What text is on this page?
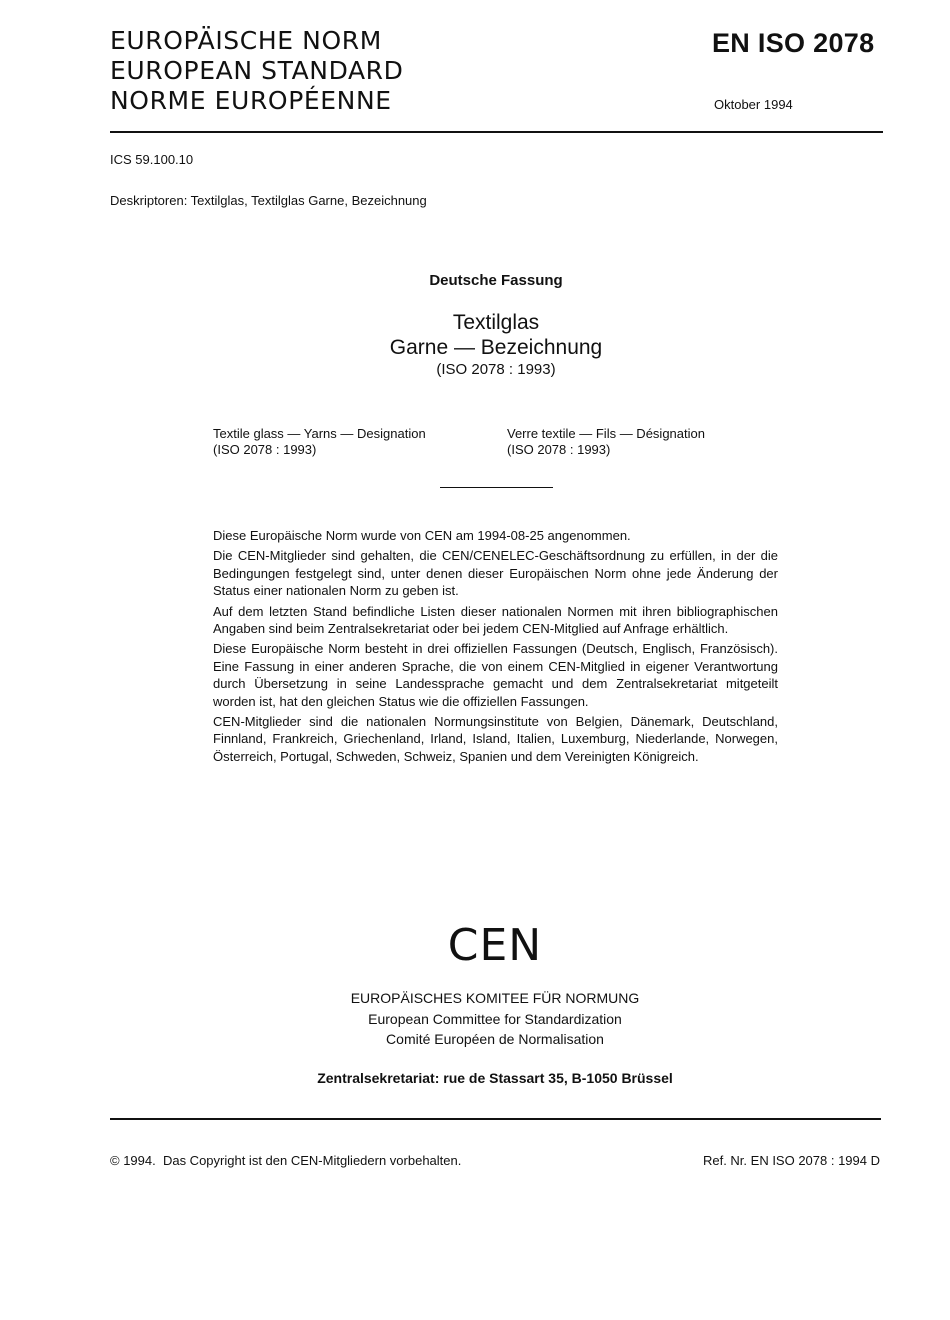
EUROPÄISCHE NORM
EUROPEAN STANDARD
NORME EUROPÉENNE
EN ISO 2078
Oktober 1994
ICS 59.100.10
Deskriptoren: Textilglas, Textilglas Garne, Bezeichnung
Deutsche Fassung
Textilglas
Garne — Bezeichnung
(ISO 2078 : 1993)
Textile glass — Yarns — Designation
(ISO 2078 : 1993)
Verre textile — Fils — Désignation
(ISO 2078 : 1993)

Diese Europäische Norm wurde von CEN am 1994-08-25 angenommen.

Die CEN-Mitglieder sind gehalten, die CEN/CENELEC-Geschäftsordnung zu erfüllen, in der die Bedingungen festgelegt sind, unter denen dieser Europäischen Norm ohne jede Änderung der Status einer nationalen Norm zu geben ist.

Auf dem letzten Stand befindliche Listen dieser nationalen Normen mit ihren bibliographischen Angaben sind beim Zentralsekretariat oder bei jedem CEN-Mitglied auf Anfrage erhältlich.

Diese Europäische Norm besteht in drei offiziellen Fassungen (Deutsch, Englisch, Französisch). Eine Fassung in einer anderen Sprache, die von einem CEN-Mitglied in eigener Verantwortung durch Übersetzung in seine Landessprache gemacht und dem Zentralsekretariat mitgeteilt worden ist, hat den gleichen Status wie die offiziellen Fassungen.

CEN-Mitglieder sind die nationalen Normungsinstitute von Belgien, Dänemark, Deutschland, Finnland, Frankreich, Griechenland, Irland, Island, Italien, Luxemburg, Niederlande, Norwegen, Österreich, Portugal, Schweden, Schweiz, Spanien und dem Vereinigten Königreich.

CEN
EUROPÄISCHES KOMITEE FÜR NORMUNG
European Committee for Standardization
Comité Européen de Normalisation
Zentralsekretariat: rue de Stassart 35, B-1050 Brüssel
© 1994.  Das Copyright ist den CEN-Mitgliedern vorbehalten.	Ref. Nr. EN ISO 2078 : 1994 D
